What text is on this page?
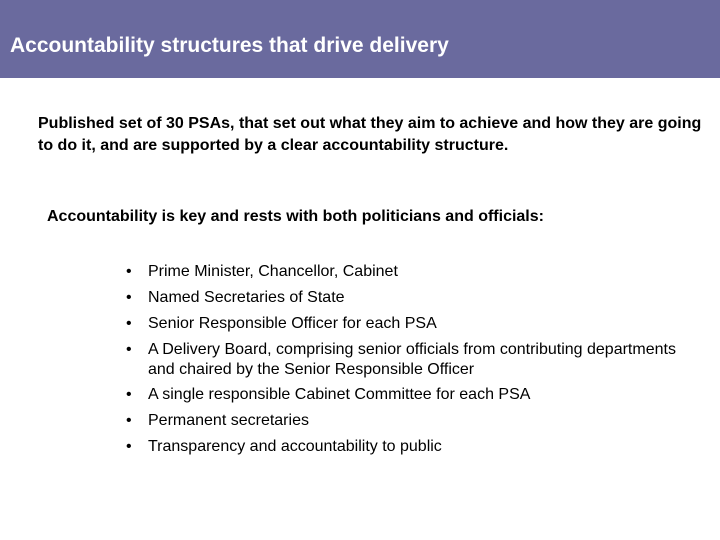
Accountability structures that drive delivery
Published set of 30 PSAs, that set out what they aim to achieve and how they are going to do it, and are supported by a clear accountability structure.
Accountability is key and rests with both politicians and officials:
• Prime Minister, Chancellor, Cabinet
• Named Secretaries of State
• Senior Responsible Officer for each PSA
• A Delivery Board, comprising senior officials from contributing departments and chaired by the Senior Responsible Officer
• A single responsible Cabinet Committee for each PSA
• Permanent secretaries
• Transparency and accountability to public
